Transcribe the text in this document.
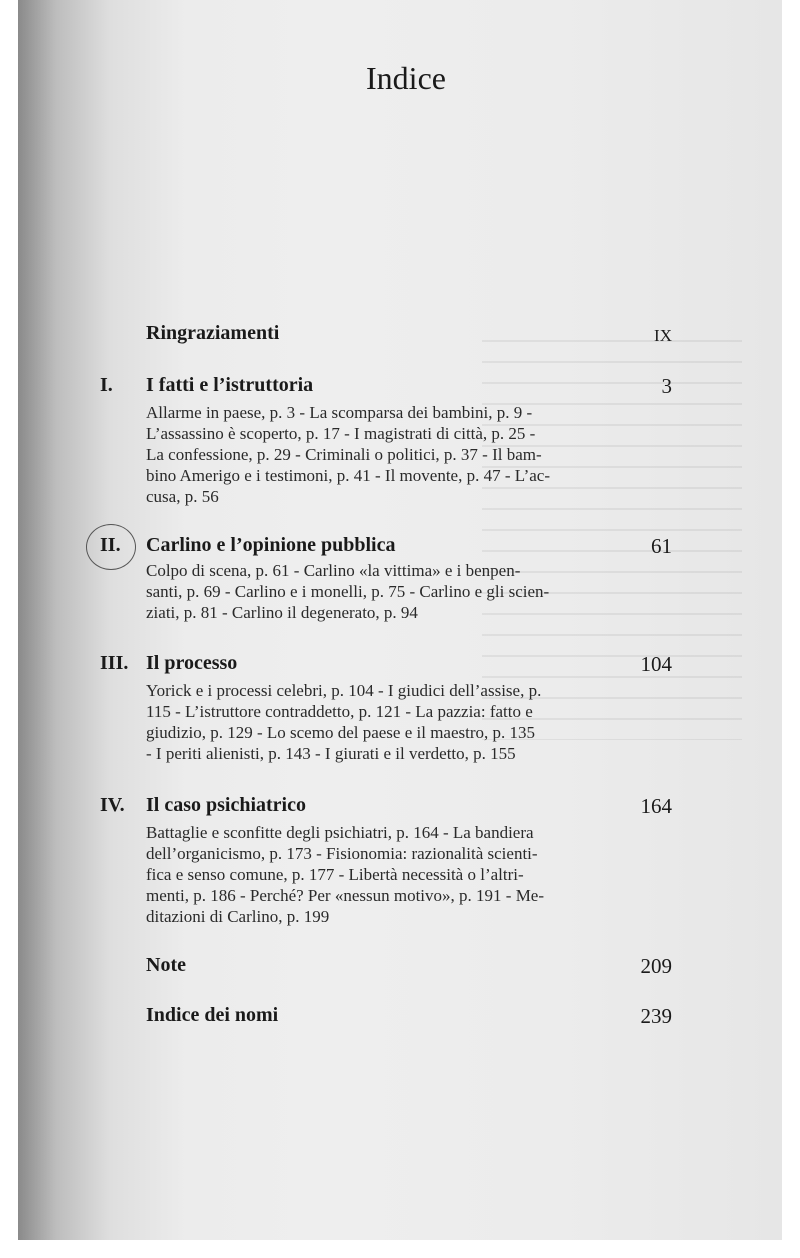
Indice
Ringraziamenti	IX
I.	I fatti e l’istruttoria	3
Allarme in paese, p. 3 - La scomparsa dei bambini, p. 9 -
L’assassino è scoperto, p. 17 - I magistrati di città, p. 25 -
La confessione, p. 29 - Criminali o politici, p. 37 - Il bam-
bino Amerigo e i testimoni, p. 41 - Il movente, p. 47 - L’ac-
cusa, p. 56
II.	Carlino e l’opinione pubblica	61
Colpo di scena, p. 61 - Carlino «la vittima» e i benpen-
santi, p. 69 - Carlino e i monelli, p. 75 - Carlino e gli scien-
ziati, p. 81 - Carlino il degenerato, p. 94
III. Il processo	104
Yorick e i processi celebri, p. 104 - I giudici dell’assise, p.
115 - L’istruttore contraddetto, p. 121 - La pazzia: fatto e
giudizio, p. 129 - Lo scemo del paese e il maestro, p. 135
- I periti alienisti, p. 143 - I giurati e il verdetto, p. 155
IV.	Il caso psichiatrico	164
Battaglie e sconfitte degli psichiatri, p. 164 - La bandiera
dell’organicismo, p. 173 - Fisionomia: razionalità scienti-
fica e senso comune, p. 177 - Libertà necessità o l’altri-
menti, p. 186 - Perché? Per «nessun motivo», p. 191 - Me-
ditazioni di Carlino, p. 199
Note	209
Indice dei nomi	239
